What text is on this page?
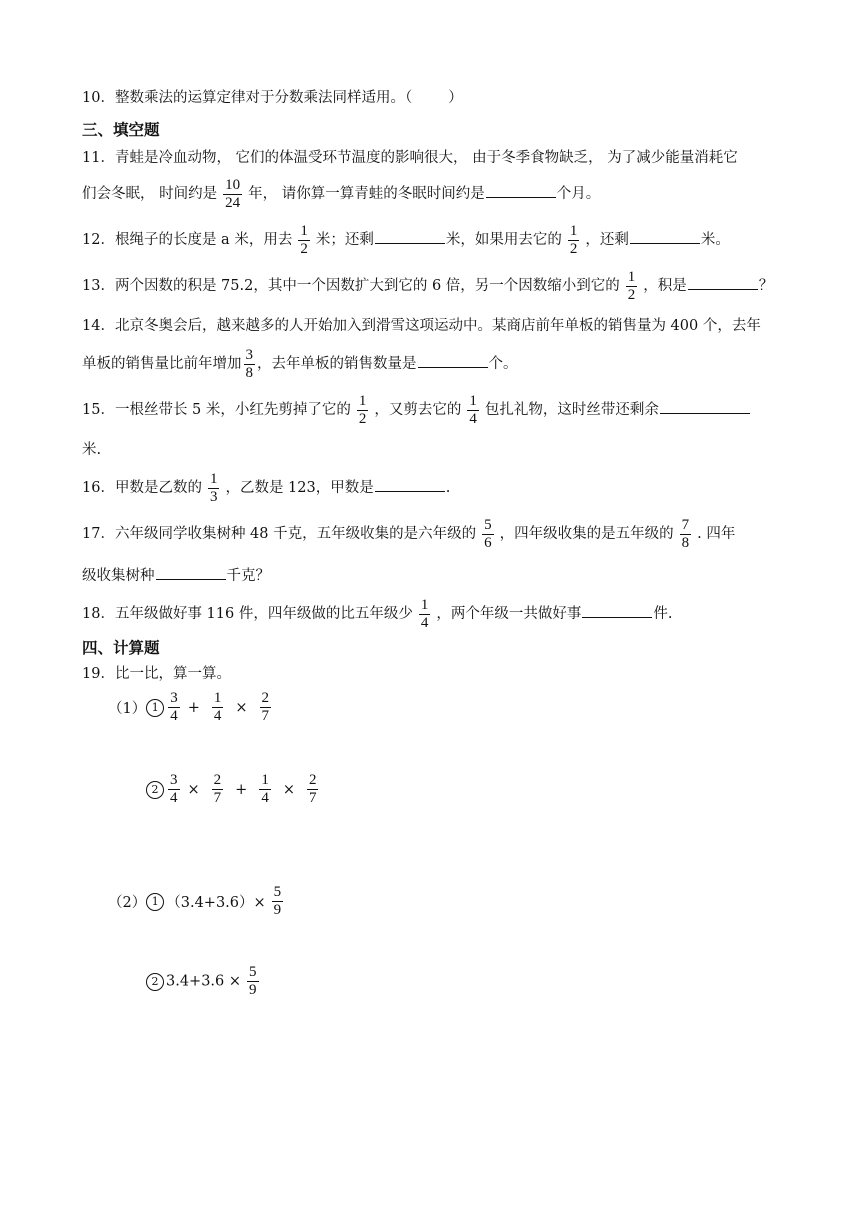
10．整数乘法的运算定律对于分数乘法同样适用。（ ）
三、填空题
11．青蛙是冷血动物， 它们的体温受环节温度的影响很大， 由于冬季食物缺乏， 为了减少能量消耗它
们会冬眠， 时间约是 $\frac{10}{24}$ 年， 请你算一算青蛙的冬眠时间约是	个月。
12．根绳子的长度是 a 米，用去 $\frac{1}{2}$ 米；还剩	米，如果用去它的 $\frac{1}{2}$ ，还剩	米。
13．两个因数的积是 75.2，其中一个因数扩大到它的 6 倍，另一个因数缩小到它的 $\frac{1}{2}$ ，积是	？
14．北京冬奥会后，越来越多的人开始加入到滑雪这项运动中。某商店前年单板的销售量为 400 个，去年
单板的销售量比前年增加 $\frac{3}{8}$ ，去年单板的销售数量是	个。
15．一根丝带长 5 米，小红先剪掉了它的 $\frac{1}{2}$ ，又剪去它的 $\frac{1}{4}$ 包扎礼物，这时丝带还剩余
米.
16．甲数是乙数的 $\frac{1}{3}$ ，乙数是 123，甲数是	.
17．六年级同学收集树种 48 千克，五年级收集的是六年级的 $\frac{5}{6}$ ，四年级收集的是五年级的 $\frac{7}{8}$ . 四年
级收集树种	千克？
18．五年级做好事 116 件，四年级做的比五年级少 $\frac{1}{4}$ ，两个年级一共做好事	件.
四、计算题
19．比一比，算一算。
（1） $1 \frac{3}{4} + \frac{1}{4} \times \frac{2}{7}$
$2 \frac{3}{4} \times \frac{2}{7} + \frac{1}{4} \times \frac{2}{7}$
（2） 1 $(3.4+3.6)\times \frac{5}{9}$
2 $3.4+3.6 \times \frac{5}{9}$
